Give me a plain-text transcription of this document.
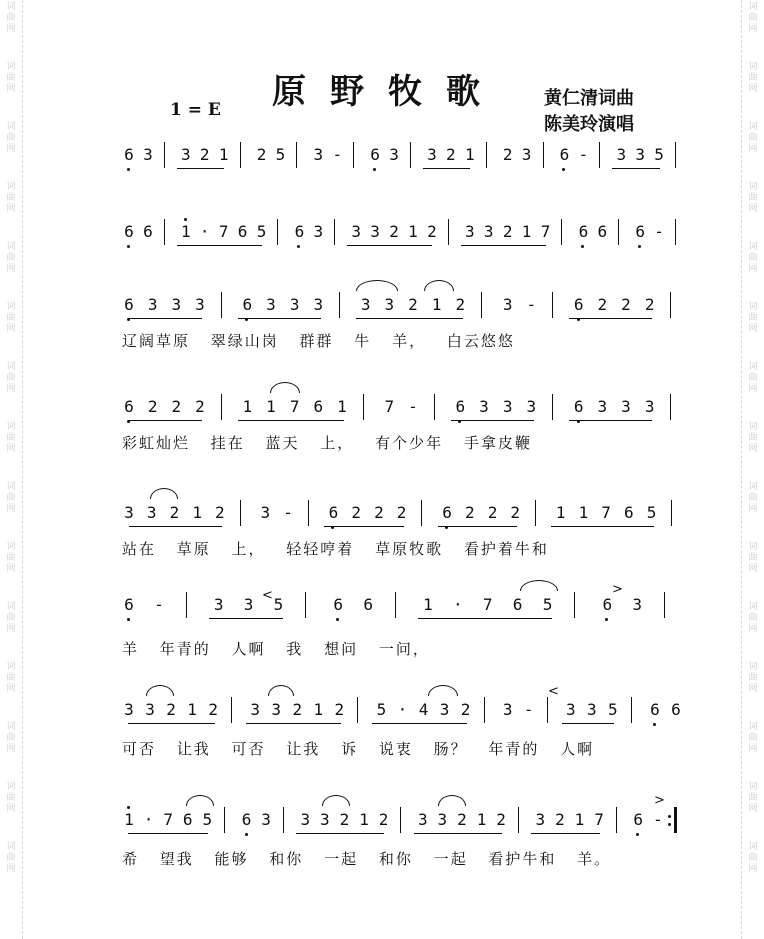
词
曲
网
词
曲
网
词
曲
网
词
曲
网
词
曲
网
词
曲
网
词
曲
网
词
曲
网
词
曲
网
词
曲
网
词
曲
网
词
曲
网
词
曲
网
词
曲
网
词
曲
网
词
曲
网
词
曲
网
词
曲
网
词
曲
网
词
曲
网
词
曲
网
词
曲
网
词
曲
网
词
曲
网
词
曲
网
词
曲
网
词
曲
网
词
曲
网
词
曲
网
词
曲
网
原野牧歌
1 = E
黄仁清词曲
陈美玲演唱
6 3 3 2 1 2 5 3 - 6 3 3 2 1 2 3 6 - 3 3 5
6 6 1 · 7 6 5 6 3 3 3 2 1 2 3 3 2 1 7 6 6 6 -
6 3 3 3 6 3 3 3 3 3 2 1 2 3 - 6 2 2 2
辽阔草原 翠绿山岗 群群 牛 羊， 白云悠悠
6 2 2 2 1 1 7 6 1 7 - 6 3 3 3 6 3 3 3
彩虹灿烂 挂在 蓝天 上， 有个少年 手拿皮鞭
3 3 2 1 2 3 - 6 2 2 2 6 2 2 2 1 1 7 6 5
站在 草原 上， 轻轻哼着 草原牧歌 看护着牛和
6 -	3 3 5	6 6	1 · 7 6 5	6 3
羊 年青的 人啊 我 想问 一问，
3 3 2 1 2 3 3 2 1 2 5 · 4 3 2 3 - 3 3 5 6 6
可否 让我 可否 让我 诉 说衷 肠？ 年青的 人啊
1 · 7 6 5 6 3 3 3 2 1 2 3 3 2 1 2 3 2 1 7 6 -
希 望我 能够 和你 一起 和你 一起 看护牛和 羊。
>
>
<
<
